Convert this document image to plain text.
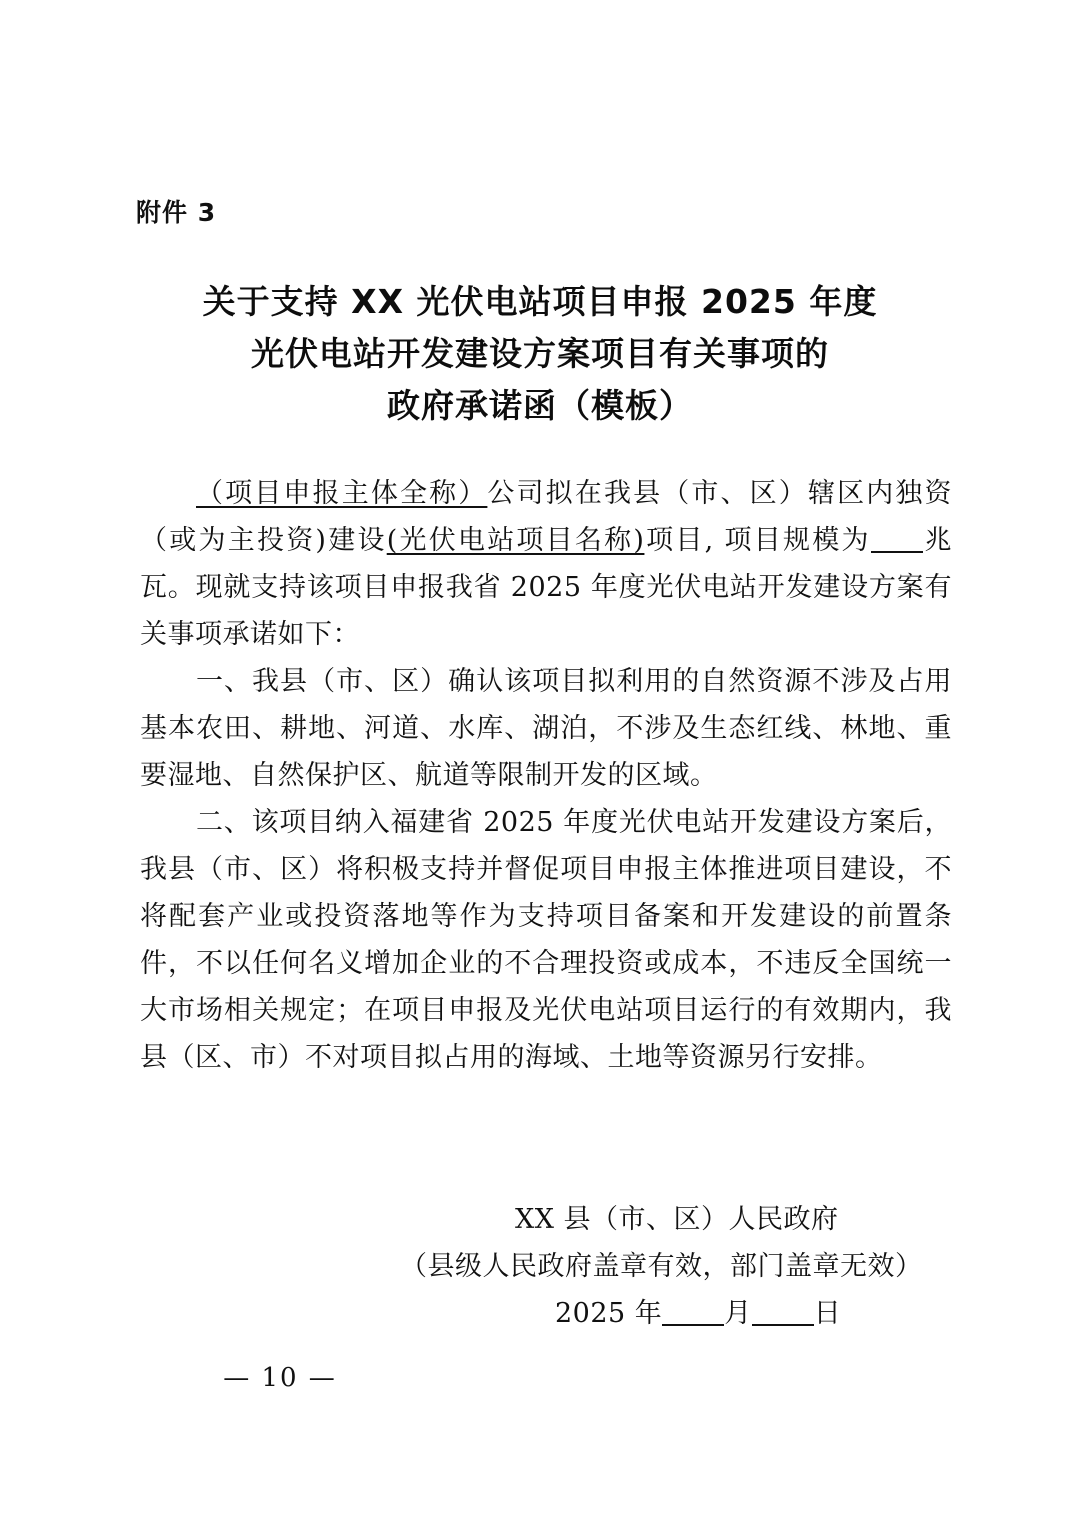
附件 3
关于支持 XX 光伏电站项目申报 2025 年度
光伏电站开发建设方案项目有关事项的
政府承诺函（模板）

（项目申报主体全称）公司拟在我县（市、区）辖区内独资（或为主投资)建设(光伏电站项目名称)项目, 项目规模为 兆瓦。现就支持该项目申报我省 2025 年度光伏电站开发建设方案有关事项承诺如下：

一、我县（市、区）确认该项目拟利用的自然资源不涉及占用基本农田、耕地、河道、水库、湖泊，不涉及生态红线、林地、重要湿地、自然保护区、航道等限制开发的区域。

二、该项目纳入福建省 2025 年度光伏电站开发建设方案后，我县（市、区）将积极支持并督促项目申报主体推进项目建设，不将配套产业或投资落地等作为支持项目备案和开发建设的前置条件，不以任何名义增加企业的不合理投资或成本，不违反全国统一大市场相关规定；在项目申报及光伏电站项目运行的有效期内，我县（区、市）不对项目拟占用的海域、土地等资源另行安排。

XX 县（市、区）人民政府
（县级人民政府盖章有效，部门盖章无效）
2025 年 月 日
— 10 —
